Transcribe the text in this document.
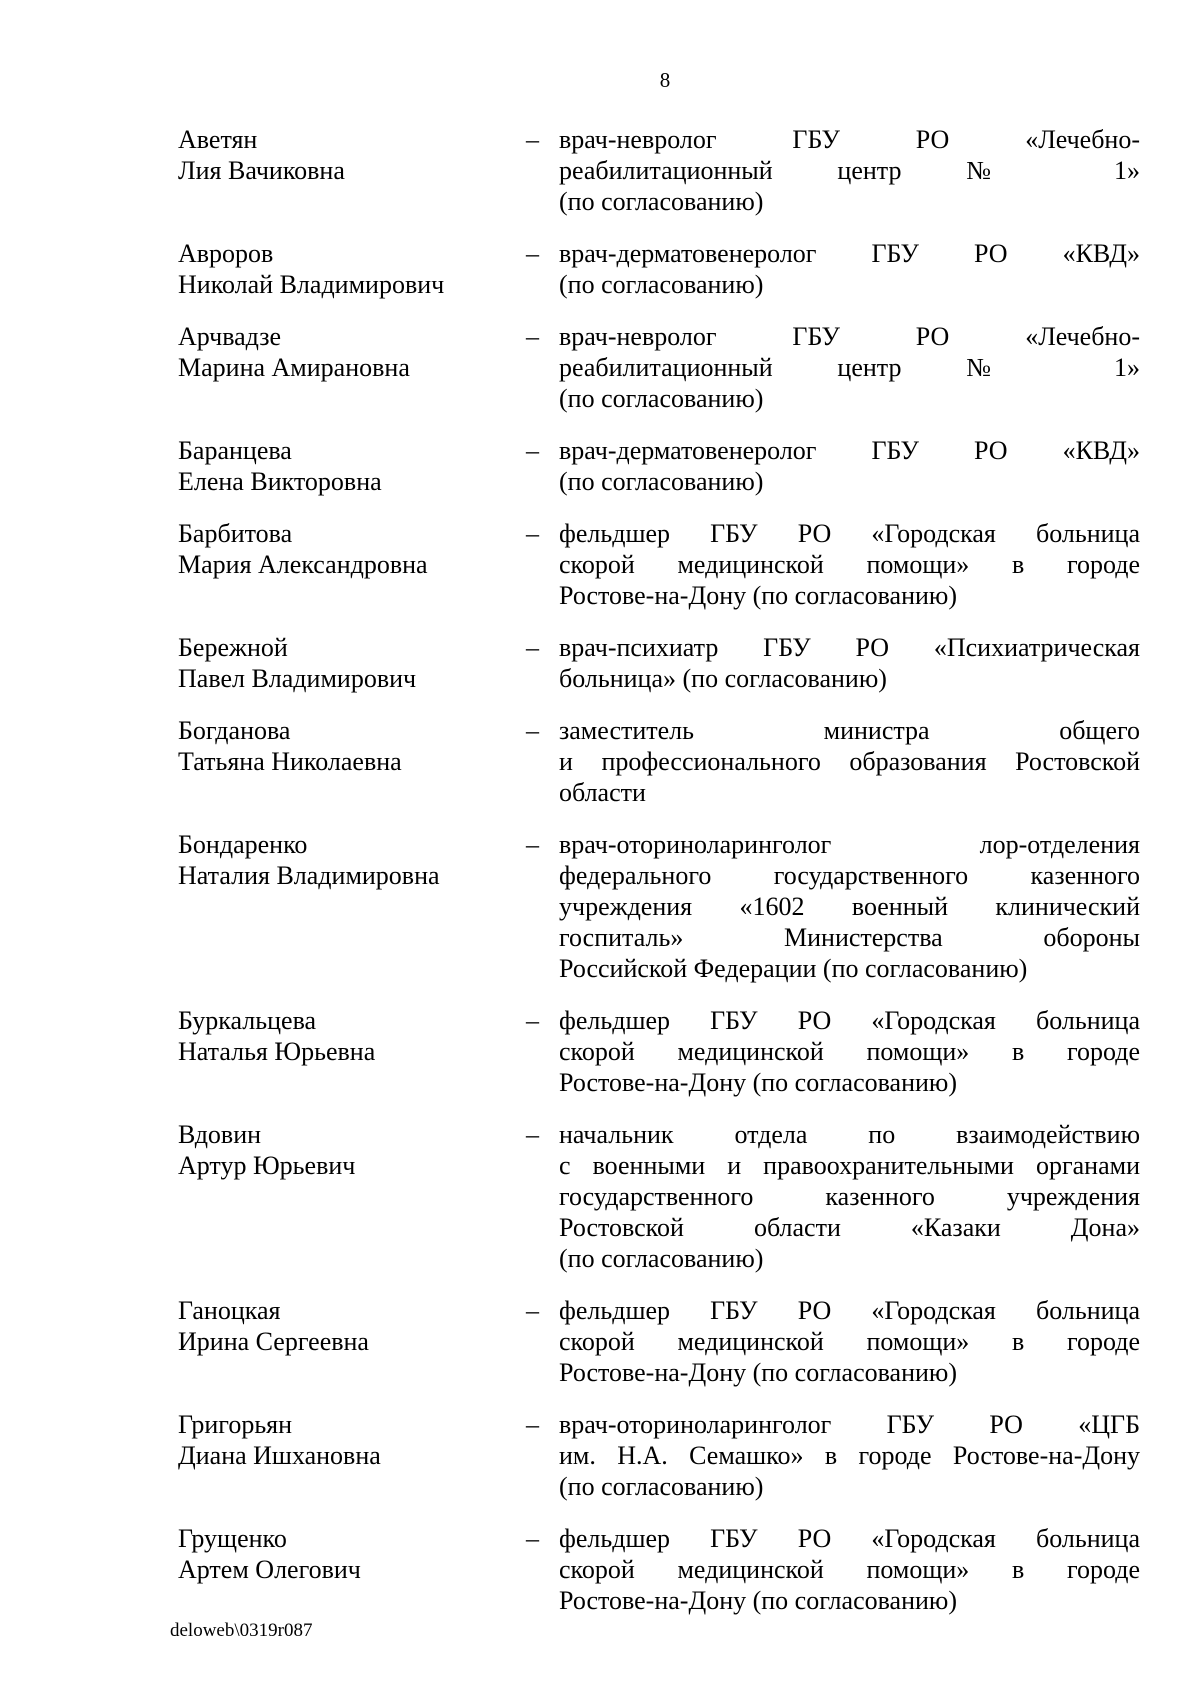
8
Аветян
Лия Вачиковна
– врач-невролог ГБУ РО «Лечебно-
реабилитационный центр № 1»
(по согласованию)
Авроров
Николай Владимирович
– врач-дерматовенеролог ГБУ РО «КВД»
(по согласованию)
Арчвадзе
Марина Амирановна
– врач-невролог ГБУ РО «Лечебно-
реабилитационный центр № 1»
(по согласованию)
Баранцева
Елена Викторовна
– врач-дерматовенеролог ГБУ РО «КВД»
(по согласованию)
Барбитова
Мария Александровна
– фельдшер ГБУ РО «Городская больница
скорой медицинской помощи» в городе
Ростове-на-Дону (по согласованию)
Бережной
Павел Владимирович
– врач-психиатр ГБУ РО «Психиатрическая
больница» (по согласованию)
Богданова
Татьяна Николаевна
– заместитель министра общего
и профессионального образования Ростовской
области
Бондаренко
Наталия Владимировна
– врач-оториноларинголог лор-отделения
федерального государственного казенного
учреждения «1602 военный клинический
госпиталь» Министерства обороны
Российской Федерации (по согласованию)
Буркальцева
Наталья Юрьевна
– фельдшер ГБУ РО «Городская больница
скорой медицинской помощи» в городе
Ростове-на-Дону (по согласованию)
Вдовин
Артур Юрьевич
– начальник отдела по взаимодействию
с военными и правоохранительными органами
государственного казенного учреждения
Ростовской области «Казаки Дона»
(по согласованию)
Ганоцкая
Ирина Сергеевна
– фельдшер ГБУ РО «Городская больница
скорой медицинской помощи» в городе
Ростове-на-Дону (по согласованию)
Григорьян
Диана Ишхановна
– врач-оториноларинголог ГБУ РО «ЦГБ
им. Н.А. Семашко» в городе Ростове-на-Дону
(по согласованию)
Грущенко
Артем Олегович
– фельдшер ГБУ РО «Городская больница
скорой медицинской помощи» в городе
Ростове-на-Дону (по согласованию)
deloweb\0319r087
